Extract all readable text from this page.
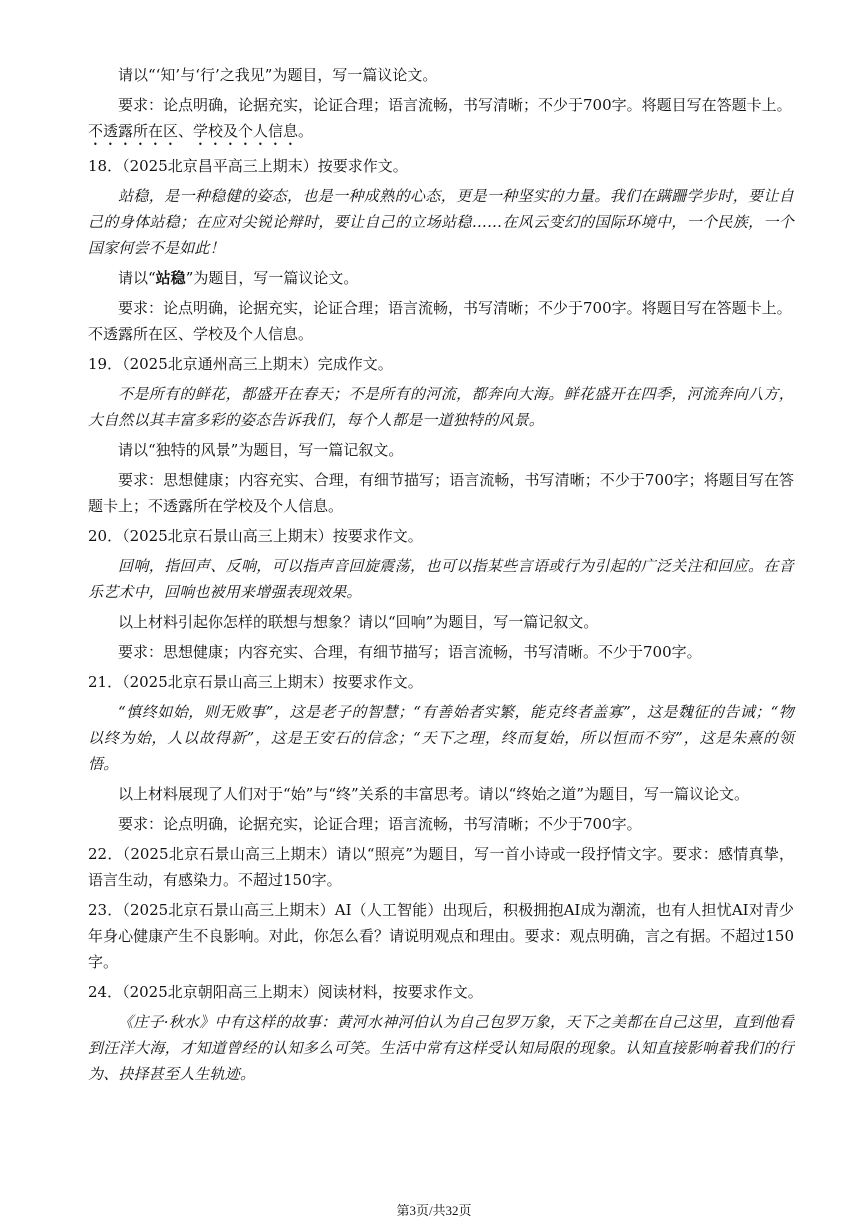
请以“‘知’与‘行’之我见”为题目，写一篇议论文。

要求：论点明确，论据充实，论证合理；语言流畅，书写清晰；不少于700字。将题目写在答题卡上。

不透露所在区、学校及个人信息。

18．（2025北京昌平高三上期末）按要求作文。

站稳，是一种稳健的姿态，也是一种成熟的心态，更是一种坚实的力量。我们在蹒跚学步时，要让自己的身体站稳；在应对尖锐论辩时，要让自己的立场站稳……在风云变幻的国际环境中，一个民族，一个国家何尝不是如此！

请以“站稳”为题目，写一篇议论文。

要求：论点明确，论据充实，论证合理；语言流畅，书写清晰；不少于700字。将题目写在答题卡上。

不透露所在区、学校及个人信息。

19．（2025北京通州高三上期末）完成作文。

不是所有的鲜花，都盛开在春天；不是所有的河流，都奔向大海。鲜花盛开在四季，河流奔向八方，大自然以其丰富多彩的姿态告诉我们，每个人都是一道独特的风景。

请以“独特的风景”为题目，写一篇记叙文。

要求：思想健康；内容充实、合理，有细节描写；语言流畅，书写清晰；不少于700字；将题目写在答题卡上；不透露所在学校及个人信息。

20．（2025北京石景山高三上期末）按要求作文。

回响，指回声、反响，可以指声音回旋震荡，也可以指某些言语或行为引起的广泛关注和回应。在音乐艺术中，回响也被用来增强表现效果。

以上材料引起你怎样的联想与想象？请以“回响”为题目，写一篇记叙文。

要求：思想健康；内容充实、合理，有细节描写；语言流畅，书写清晰。不少于700字。

21．（2025北京石景山高三上期末）按要求作文。

“慎终如始，则无败事”，这是老子的智慧；“有善始者实繁，能克终者盖寡”，这是魏征的告诫；“物以终为始，人以故得新”，这是王安石的信念；“天下之理，终而复始，所以恒而不穷”，这是朱熹的领悟。

以上材料展现了人们对于“始”与“终”关系的丰富思考。请以“终始之道”为题目，写一篇议论文。

要求：论点明确，论据充实，论证合理；语言流畅，书写清晰；不少于700字。

22．（2025北京石景山高三上期末）请以“照亮”为题目，写一首小诗或一段抒情文字。要求：感情真挚，语言生动，有感染力。不超过150字。

23．（2025北京石景山高三上期末）AI（人工智能）出现后，积极拥抱AI成为潮流，也有人担忧AI对青少年身心健康产生不良影响。对此，你怎么看？请说明观点和理由。要求：观点明确，言之有据。不超过150字。

24．（2025北京朝阳高三上期末）阅读材料，按要求作文。

《庄子·秋水》中有这样的故事：黄河水神河伯认为自己包罗万象，天下之美都在自己这里，直到他看到汪洋大海，才知道曾经的认知多么可笑。生活中常有这样受认知局限的现象。认知直接影响着我们的行为、抉择甚至人生轨迹。

第3页/共32页
